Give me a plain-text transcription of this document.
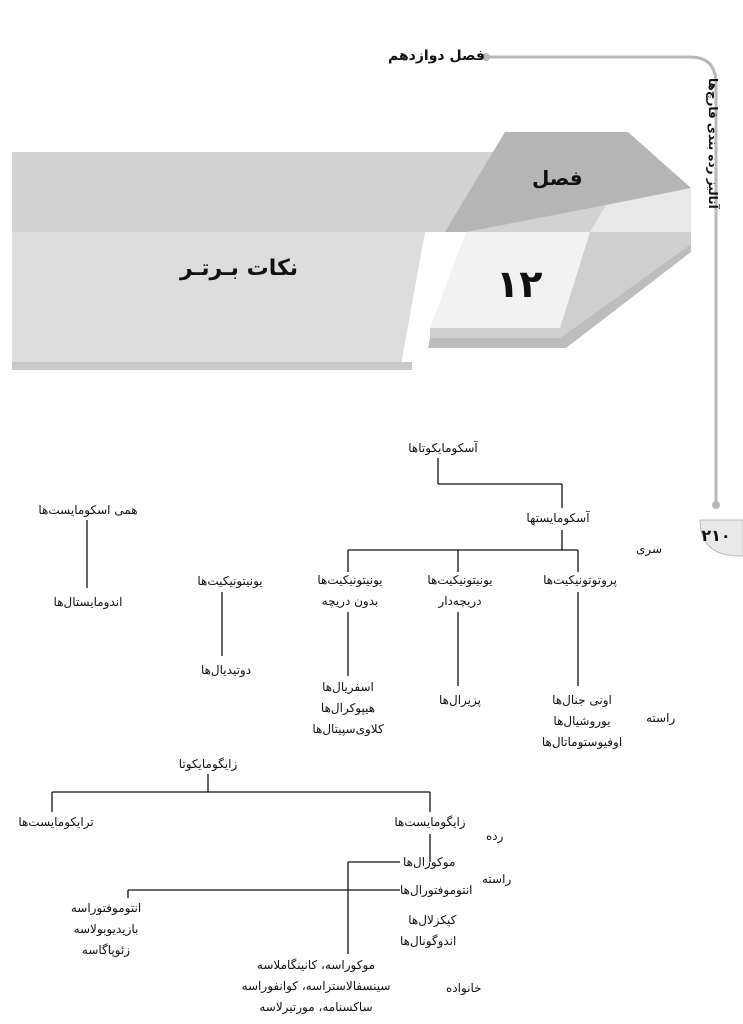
فصل دوازدهم
آنالیز رده بندی قارچ‌ها
۲۱۰
فصل
۱۲
نکات بـرتـر
آسکومایکوتاها
آسکومایستها
سری
راسته
همی اسکومایست‌ها
اندومایستال‌ها
یونیتونیکیت‌ها
دوتیدیال‌ها
پروتوتونیکیت‌ها
یونیتونیکیت‌ها
دریچه‌دار
یونیتونیکیت‌ها
بدون دریچه
اونی جنال‌ها
یوروشیال‌ها
اوفیوستوماتال‌ها
پزیرال‌ها
اسفریال‌ها
هیپوکرال‌ها
کلاوی‌سپیتال‌ها
زایگومایکوتا
ترایکومایست‌ها	زایگومایست‌ها
رده
راسته
خانواده
موکورال‌ها
انتوموفتورال‌ها
کیکزلال‌ها
اندوگونال‌ها
موکوراسه، کانینگاملاسه
سینسفالاستراسه، کوانفوراسه
ساکسنامه، مورتیرلاسه
انتوموفتوراسه
بازیدیوبولاسه
زئوپاگاسه
